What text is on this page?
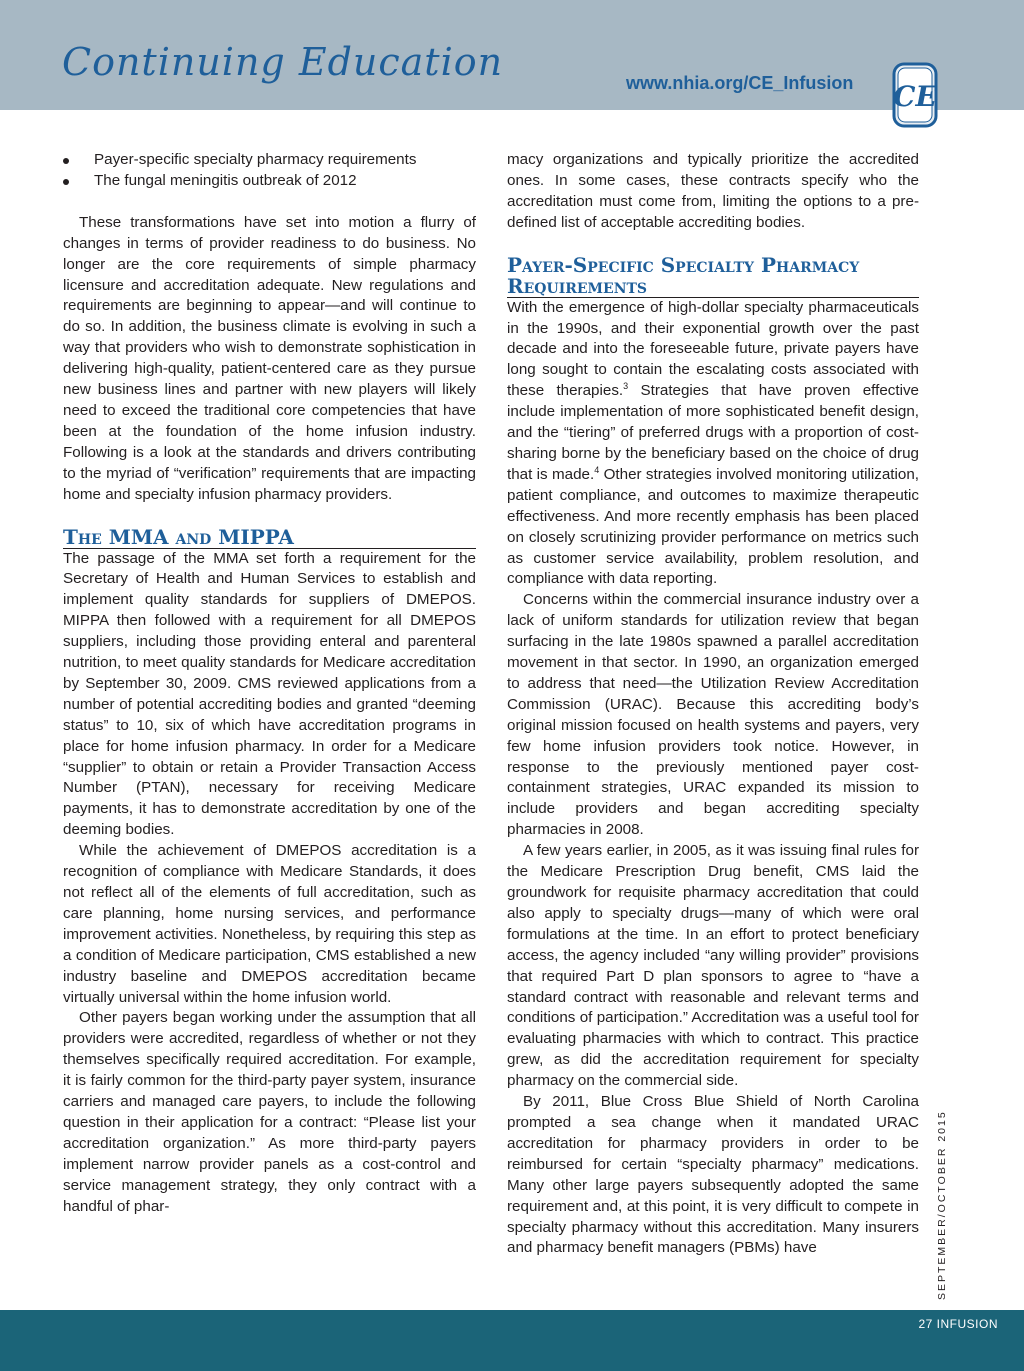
Continuing Education	www.nhia.org/CE_Infusion CE
Payer-specific specialty pharmacy requirements
The fungal meningitis outbreak of 2012

These transformations have set into motion a flurry of changes in terms of provider readiness to do business. No longer are the core requirements of simple pharmacy licensure and accreditation adequate. New regulations and requirements are beginning to appear—and will continue to do so. In addition, the business climate is evolving in such a way that providers who wish to demonstrate sophistication in delivering high-quality, patient-centered care as they pursue new business lines and partner with new players will likely need to exceed the traditional core competencies that have been at the foundation of the home infusion industry. Following is a look at the standards and drivers contributing to the myriad of “verification” requirements that are impacting home and specialty infusion pharmacy providers.

The MMA and MIPPA

The passage of the MMA set forth a requirement for the Secretary of Health and Human Services to establish and implement quality standards for suppliers of DMEPOS. MIPPA then followed with a requirement for all DMEPOS suppliers, including those providing enteral and parenteral nutrition, to meet quality standards for Medicare accreditation by September 30, 2009. CMS reviewed applications from a number of potential accrediting bodies and granted “deeming status” to 10, six of which have accreditation programs in place for home infusion pharmacy. In order for a Medicare “supplier” to obtain or retain a Provider Transaction Access Number (PTAN), necessary for receiving Medicare payments, it has to demonstrate accreditation by one of the deeming bodies.

While the achievement of DMEPOS accreditation is a recognition of compliance with Medicare Standards, it does not reflect all of the elements of full accreditation, such as care planning, home nursing services, and performance improvement activities. Nonetheless, by requiring this step as a condition of Medicare participation, CMS established a new industry baseline and DMEPOS accreditation became virtually universal within the home infusion world.

Other payers began working under the assumption that all providers were accredited, regardless of whether or not they themselves specifically required accreditation. For example, it is fairly common for the third-party payer system, insurance carriers and managed care payers, to include the following question in their application for a contract: “Please list your accreditation organization.” As more third-party payers implement narrow provider panels as a cost-control and service management strategy, they only contract with a handful of phar-

macy organizations and typically prioritize the accredited ones. In some cases, these contracts specify who the accreditation must come from, limiting the options to a pre-defined list of acceptable accrediting bodies.

Payer-Specific Specialty Pharmacy Requirements

With the emergence of high-dollar specialty pharmaceuticals in the 1990s, and their exponential growth over the past decade and into the foreseeable future, private payers have long sought to contain the escalating costs associated with these therapies.$^3$ Strategies that have proven effective include implementation of more sophisticated benefit design, and the “tiering” of preferred drugs with a proportion of cost-sharing borne by the beneficiary based on the choice of drug that is made.$^4$ Other strategies involved monitoring utilization, patient compliance, and outcomes to maximize therapeutic effectiveness. And more recently emphasis has been placed on closely scrutinizing provider performance on metrics such as customer service availability, problem resolution, and compliance with data reporting.

Concerns within the commercial insurance industry over a lack of uniform standards for utilization review that began surfacing in the late 1980s spawned a parallel accreditation movement in that sector. In 1990, an organization emerged to address that need—the Utilization Review Accreditation Commission (URAC). Because this accrediting body’s original mission focused on health systems and payers, very few home infusion providers took notice. However, in response to the previously mentioned payer cost-containment strategies, URAC expanded its mission to include providers and began accrediting specialty pharmacies in 2008.

A few years earlier, in 2005, as it was issuing final rules for the Medicare Prescription Drug benefit, CMS laid the groundwork for requisite pharmacy accreditation that could also apply to specialty drugs—many of which were oral formulations at the time. In an effort to protect beneficiary access, the agency included “any willing provider” provisions that required Part D plan sponsors to agree to “have a standard contract with reasonable and relevant terms and conditions of participation.” Accreditation was a useful tool for evaluating pharmacies with which to contract. This practice grew, as did the accreditation requirement for specialty pharmacy on the commercial side.

By 2011, Blue Cross Blue Shield of North Carolina prompted a sea change when it mandated URAC accreditation for pharmacy providers in order to be reimbursed for certain “specialty pharmacy” medications. Many other large payers subsequently adopted the same requirement and, at this point, it is very difficult to compete in specialty pharmacy without this accreditation. Many insurers and pharmacy benefit managers (PBMs) have	SEPTEMBER/OCTOBER 2015
27 INFUSION
